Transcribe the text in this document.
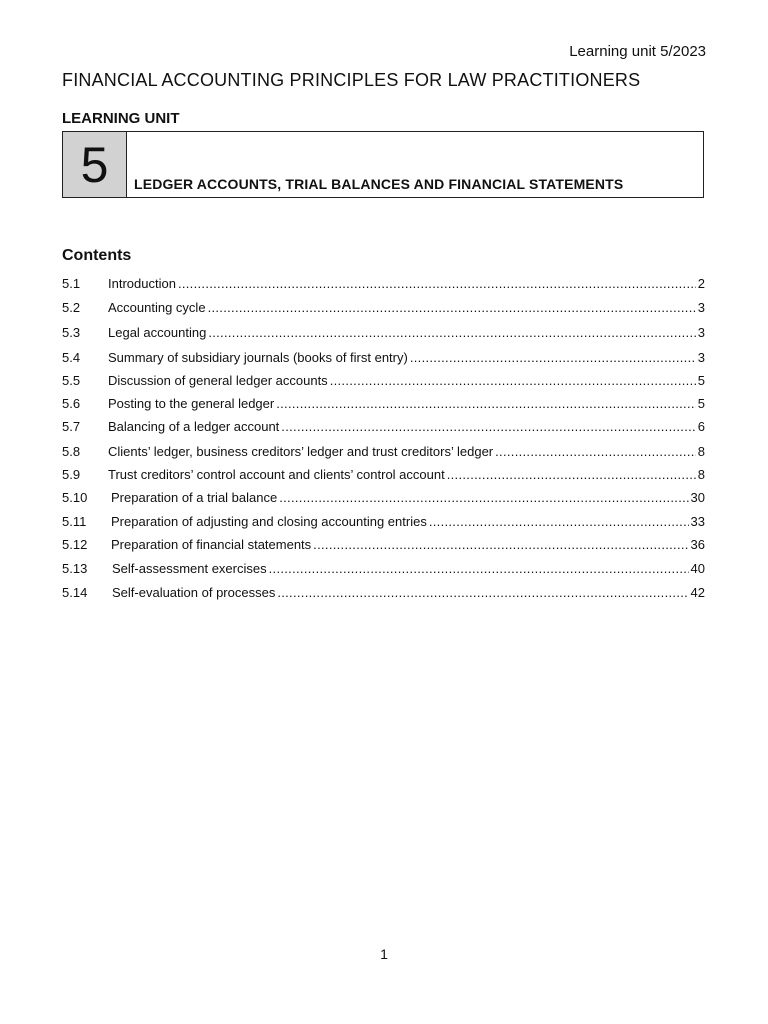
Learning unit 5/2023
FINANCIAL ACCOUNTING PRINCIPLES FOR LAW PRACTITIONERS
LEARNING UNIT
5	LEDGER ACCOUNTS, TRIAL BALANCES AND FINANCIAL STATEMENTS
Contents
5.1	Introduction .....	2
5.2	Accounting cycle .....	3
5.3	Legal accounting .....	3
5.4	Summary of subsidiary journals (books of first entry) .....	3
5.5	Discussion of general ledger accounts .....	5
5.6	Posting to the general ledger .....	5
5.7	Balancing of a ledger account .....	6
5.8	Clients’ ledger, business creditors’ ledger and trust creditors’ ledger .....	8
5.9	Trust creditors’ control account and clients’ control account .....	8
5.10	Preparation of a trial balance .....	30
5.11	Preparation of adjusting and closing accounting entries .....	33
5.12	Preparation of financial statements .....	36
5.13	Self-assessment exercises .....	40
5.14	Self-evaluation of processes .....	42
1
